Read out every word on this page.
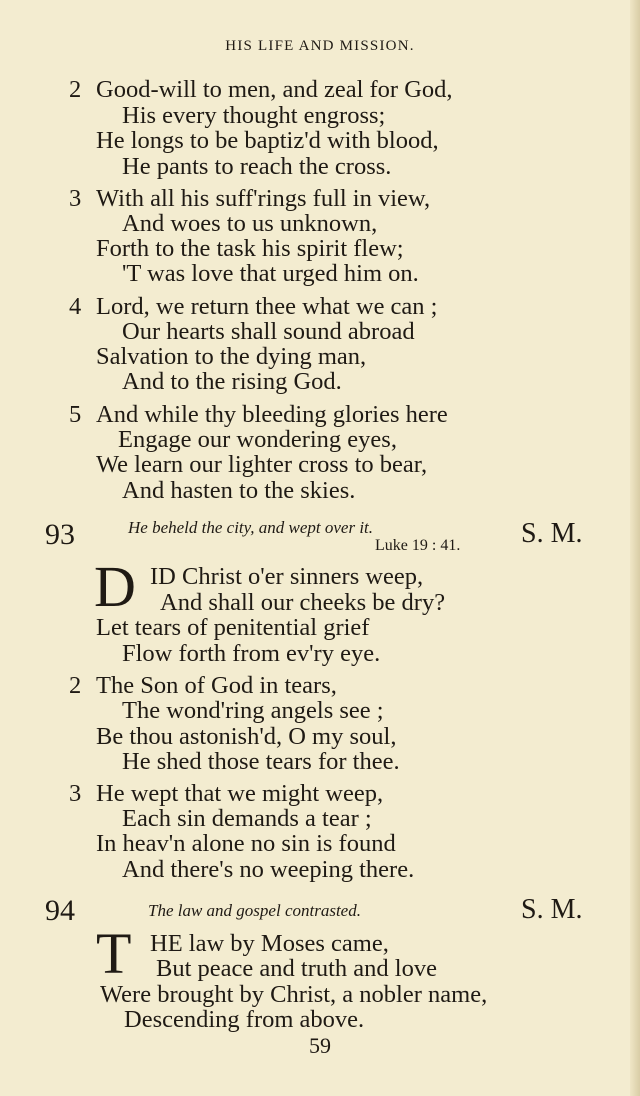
HIS LIFE AND MISSION.
2 Good-will to men, and zeal for God,
His every thought engross;
He longs to be baptiz'd with blood,
He pants to reach the cross.
3 With all his suff'rings full in view,
And woes to us unknown,
Forth to the task his spirit flew;
'T was love that urged him on.
4 Lord, we return thee what we can ;
Our hearts shall sound abroad
Salvation to the dying man,
And to the rising God.
5 And while thy bleeding glories here
Engage our wondering eyes,
We learn our lighter cross to bear,
And hasten to the skies.
93	He beheld the city, and wept over it.
Luke 19 : 41. S. M.
D ID Christ o'er sinners weep,
And shall our cheeks be dry?
Let tears of penitential grief
Flow forth from ev'ry eye.
2 The Son of God in tears,
The wond'ring angels see ;
Be thou astonish'd, O my soul,
He shed those tears for thee.
3 He wept that we might weep,
Each sin demands a tear ;
In heav'n alone no sin is found
And there's no weeping there.
94	The law and gospel contrasted.	S. M.
T HE law by Moses came,
But peace and truth and love
Were brought by Christ, a nobler name,
Descending from above.
59
